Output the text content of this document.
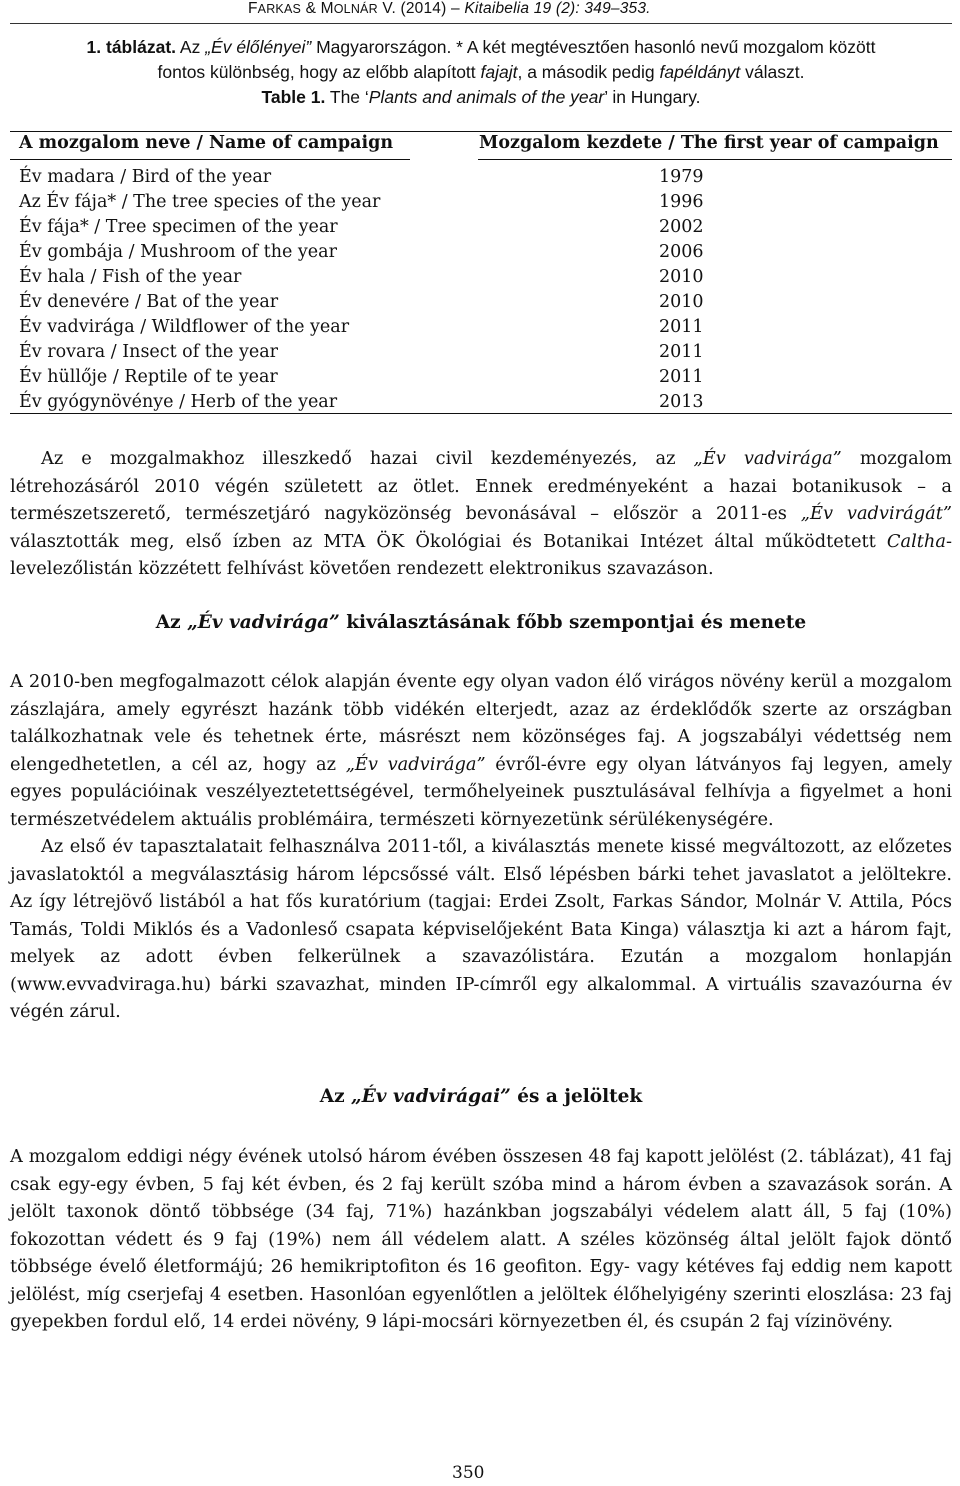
FARKAS & MOLNÁR V. (2014) – Kitaibelia 19 (2): 349–353.
1. táblázat. Az „Év élőlényei” Magyarországon. * A két megtévesztően hasonló nevű mozgalom között
fontos különbség, hogy az előbb alapított fajajt, a második pedig fapéldányt választ.
Table 1. The ‘Plants and animals of the year’ in Hungary.
A mozgalom neve / Name of campaign	Mozgalom kezdete / The first year of campaign
Év madara / Bird of the year	1979
Az Év fája* / The tree species of the year	1996
Év fája* / Tree specimen of the year	2002
Év gombája / Mushroom of the year	2006
Év hala / Fish of the year	2010
Év denevére / Bat of the year	2010
Év vadvirága / Wildflower of the year	2011
Év rovara / Insect of the year	2011
Év hüllője / Reptile of te year	2011
Év gyógynövénye / Herb of the year	2013

Az e mozgalmakhoz illeszkedő hazai civil kezdeményezés, az „Év vadvirága” mozgalom létrehozásáról 2010 végén született az ötlet. Ennek eredményeként a hazai botanikusok – a természetszerető, természetjáró nagyközönség bevonásával – először a 2011-es „Év vadvirágát” választották meg, első ízben az MTA ÖK Ökológiai és Botanikai Intézet által működtetett Caltha-levelezőlistán közzétett felhívást követően rendezett elektronikus szavazáson.

Az „Év vadvirága” kiválasztásának főbb szempontjai és menete

A 2010-ben megfogalmazott célok alapján évente egy olyan vadon élő virágos növény kerül a mozgalom zászlajára, amely egyrészt hazánk több vidékén elterjedt, azaz az érdeklődők szerte az országban találkozhatnak vele és tehetnek érte, másrészt nem közönséges faj. A jogszabályi védettség nem elengedhetetlen, a cél az, hogy az „Év vadvirága” évről-évre egy olyan látványos faj legyen, amely egyes populációinak veszélyeztetettségével, termőhelyeinek pusztulásával felhívja a figyelmet a honi természetvédelem aktuális problémáira, természeti környezetünk sérülékenységére.

Az első év tapasztalatait felhasználva 2011-től, a kiválasztás menete kissé megváltozott, az előzetes javaslatoktól a megválasztásig három lépcsőssé vált. Első lépésben bárki tehet javaslatot a jelöltekre. Az így létrejövő listából a hat fős kuratórium (tagjai: Erdei Zsolt, Farkas Sándor, Molnár V. Attila, Pócs Tamás, Toldi Miklós és a Vadonleső csapata képviselőjeként Bata Kinga) választja ki azt a három fajt, melyek az adott évben felkerülnek a szavazólistára. Ezután a mozgalom honlapján (www.evvadviraga.hu) bárki szavazhat, minden IP-címről egy alkalommal. A virtuális szavazóurna év végén zárul.

Az „Év vadvirágai” és a jelöltek

A mozgalom eddigi négy évének utolsó három évében összesen 48 faj kapott jelölést (2. táblázat), 41 faj csak egy-egy évben, 5 faj két évben, és 2 faj került szóba mind a három évben a szavazások során. A jelölt taxonok döntő többsége (34 faj, 71%) hazánkban jogszabályi védelem alatt áll, 5 faj (10%) fokozottan védett és 9 faj (19%) nem áll védelem alatt. A széles közönség által jelölt fajok döntő többsége évelő életformájú; 26 hemikriptofiton és 16 geofiton. Egy- vagy kétéves faj eddig nem kapott jelölést, míg cserjefaj 4 esetben. Hasonlóan egyenlőtlen a jelöltek élőhelyigény szerinti eloszlása: 23 faj gyepekben fordul elő, 14 erdei növény, 9 lápi-mocsári környezetben él, és csupán 2 faj vízinövény.

350
